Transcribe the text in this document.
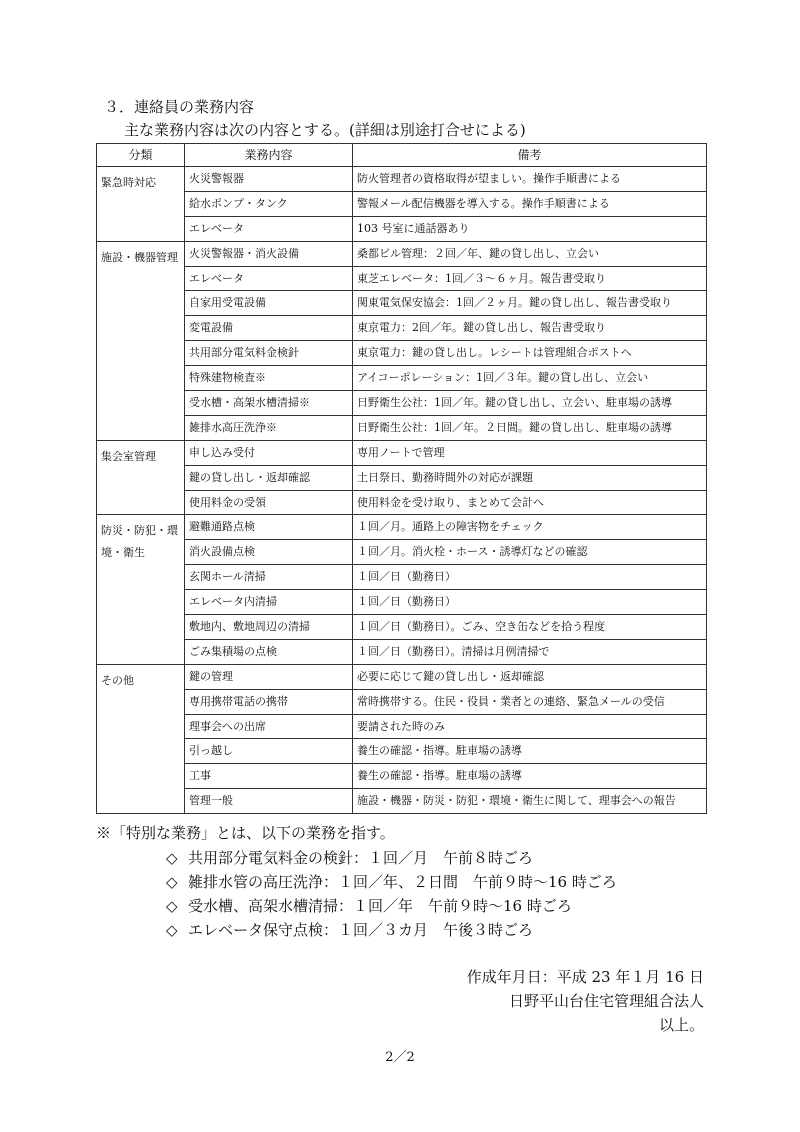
３．連絡員の業務内容
主な業務内容は次の内容とする。(詳細は別途打合せによる)
分類	業務内容	備考
緊急時対応	火災警報器	防火管理者の資格取得が望ましい。操作手順書による
	給水ポンプ・タンク	警報メール配信機器を導入する。操作手順書による
	エレベータ	103 号室に通話器あり
施設・機器管理	火災警報器・消火設備	桑都ビル管理：２回／年、鍵の貸し出し、立会い
	エレベータ	東芝エレベータ：1回／３～６ヶ月。報告書受取り
	自家用受電設備	関東電気保安協会：1回／２ヶ月。鍵の貸し出し、報告書受取り
	変電設備	東京電力：2回／年。鍵の貸し出し、報告書受取り
	共用部分電気料金検針	東京電力：鍵の貸し出し。レシートは管理組合ポストへ
	特殊建物検査※	アイコーポレーション：1回／３年。鍵の貸し出し、立会い
	受水槽・高架水槽清掃※	日野衛生公社：1回／年。鍵の貸し出し、立会い、駐車場の誘導
	雑排水高圧洗浄※	日野衛生公社：1回／年。２日間。鍵の貸し出し、駐車場の誘導
集会室管理	申し込み受付	専用ノートで管理
	鍵の貸し出し・返却確認	土日祭日、勤務時間外の対応が課題
	使用料金の受領	使用料金を受け取り、まとめて会計へ
防災・防犯・環境・衛生	避難通路点検	１回／月。通路上の障害物をチェック
	消火設備点検	１回／月。消火栓・ホース・誘導灯などの確認
	玄関ホール清掃	１回／日（勤務日）
	エレベータ内清掃	１回／日（勤務日）
	敷地内、敷地周辺の清掃	１回／日（勤務日）。ごみ、空き缶などを拾う程度
	ごみ集積場の点検	１回／日（勤務日）。清掃は月例清掃で
その他	鍵の管理	必要に応じて鍵の貸し出し・返却確認
	専用携帯電話の携帯	常時携帯する。住民・役員・業者との連絡、緊急メールの受信
	理事会への出席	要請された時のみ
	引っ越し	養生の確認・指導。駐車場の誘導
	工事	養生の確認・指導。駐車場の誘導
	管理一般	施設・機器・防災・防犯・環境・衛生に関して、理事会への報告
※「特別な業務」とは、以下の業務を指す。
◇ 共用部分電気料金の検針：１回／月　午前８時ごろ
◇ 雑排水管の高圧洗浄：１回／年、２日間　午前９時～16 時ごろ
◇ 受水槽、高架水槽清掃：１回／年　午前９時～16 時ごろ
◇ エレベータ保守点検：１回／３カ月　午後３時ごろ
作成年月日：平成 23 年１月 16 日
日野平山台住宅管理組合法人
以上。
2／2
